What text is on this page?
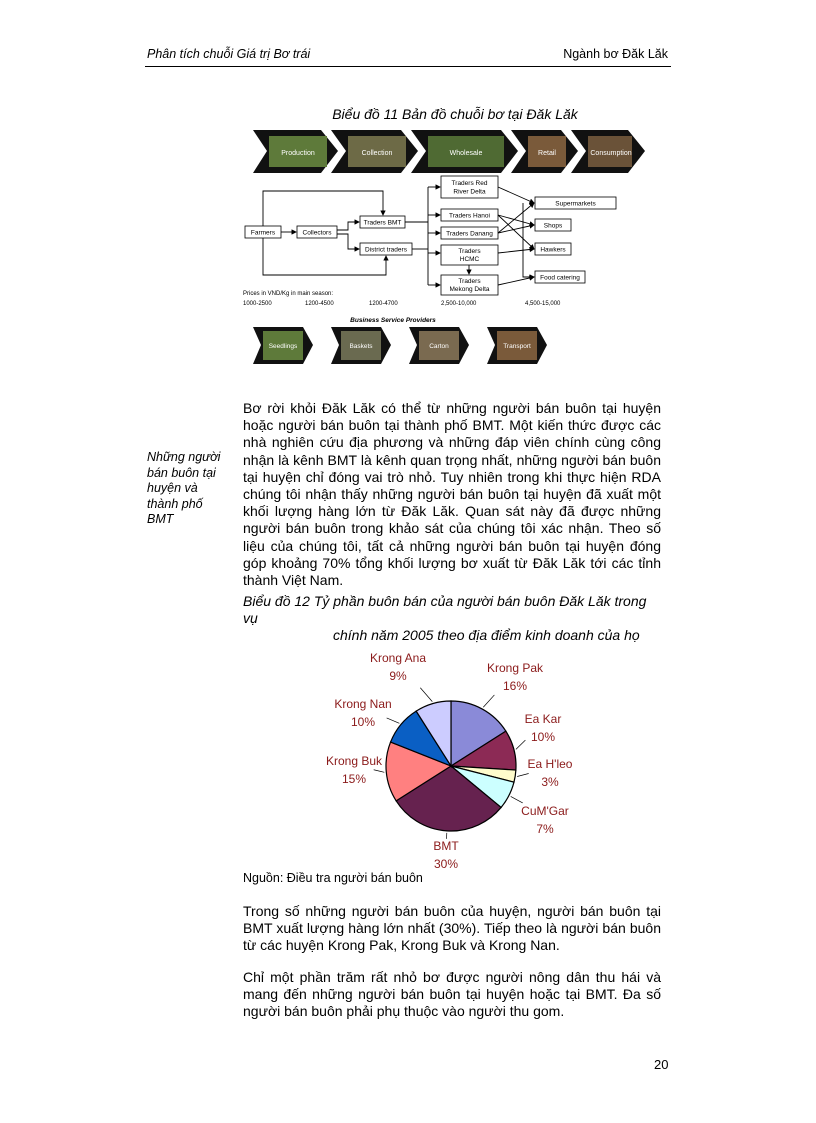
Phân tích chuỗi Giá trị Bơ trái	Ngành bơ Đăk Lăk
Biểu đồ 11 Bản đồ chuỗi bơ tại Đăk Lăk
Production	Collection	Wholesale	Retail	Consumption
Farmers	Collectors
Traders BMT
District traders
Traders Red
River Delta
Traders Hanoi
Traders Danang
Traders
HCMC
Traders
Mekong Delta
Supermarkets
Shops
Hawkers
Food catering
Prices in VND/Kg in main season:
1000-2500	1200-4500	1200-4700	2,500-10,000	4,500-15,000
Business Service Providers
Seedlings	Baskets	Carton	Transport
Những người bán buôn tại huyện và thành phố BMT
Bơ rời khỏi Đăk Lăk có thể từ những người bán buôn tại huyện hoặc người bán buôn tại thành phố BMT. Một kiến thức được các nhà nghiên cứu địa phương và những đáp viên chính cùng công nhận là kênh BMT là kênh quan trọng nhất, những người bán buôn tại huyện chỉ đóng vai trò nhỏ. Tuy nhiên trong khi thực hiện RDA chúng tôi nhận thấy những người bán buôn tại huyện đã xuất một khối lượng hàng lớn từ Đăk Lăk. Quan sát này đã được những người bán buôn trong khảo sát của chúng tôi xác nhận. Theo số liệu của chúng tôi, tất cả những người bán buôn tại huyện đóng góp khoảng 70% tổng khối lượng bơ xuất từ Đăk Lăk tới các tỉnh thành Việt Nam.
Biểu đồ 12 Tỷ phần buôn bán của người bán buôn Đăk Lăk trong vụ
chính năm 2005 theo địa điểm kinh doanh của họ
Krong Pak
16%
Ea Kar
10%
Ea H'leo
3%
CuM'Gar
7%
BMT
30%
Krong Buk
15%
Krong Nan
10%
Krong Ana
9%
Nguồn: Điều tra người bán buôn
Trong số những người bán buôn của huyện, người bán buôn tại BMT xuất lượng hàng lớn nhất (30%). Tiếp theo là người bán buôn từ các huyện Krong Pak, Krong Buk và Krong Nan.
Chỉ một phần trăm rất nhỏ bơ được người nông dân thu hái và mang đến những người bán buôn tại huyện hoặc tại BMT. Đa số người bán buôn phải phụ thuộc vào người thu gom.
20
